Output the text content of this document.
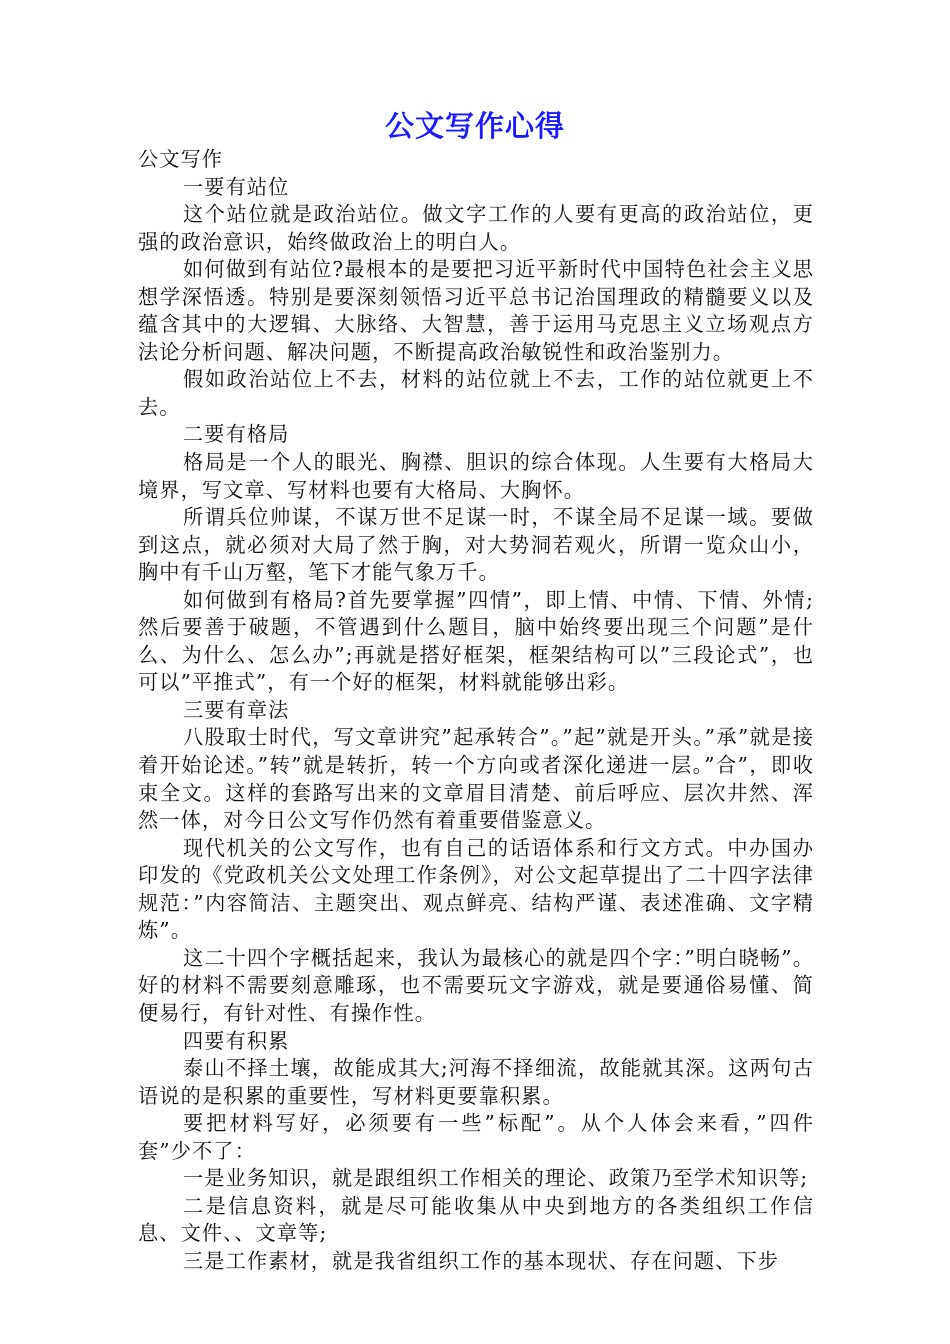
公文写作心得

公文写作

一要有站位

这个站位就是政治站位。做文字工作的人要有更高的政治站位，更强的政治意识，始终做政治上的明白人。

如何做到有站位?最根本的是要把习近平新时代中国特色社会主义思想学深悟透。特别是要深刻领悟习近平总书记治国理政的精髓要义以及蕴含其中的大逻辑、大脉络、大智慧，善于运用马克思主义立场观点方法论分析问题、解决问题，不断提高政治敏锐性和政治鉴别力。

假如政治站位上不去，材料的站位就上不去，工作的站位就更上不去。

二要有格局

格局是一个人的眼光、胸襟、胆识的综合体现。人生要有大格局大境界，写文章、写材料也要有大格局、大胸怀。

所谓兵位帅谋，不谋万世不足谋一时，不谋全局不足谋一域。要做到这点，就必须对大局了然于胸，对大势洞若观火，所谓一览众山小，胸中有千山万壑，笔下才能气象万千。

如何做到有格局?首先要掌握”四情”，即上情、中情、下情、外情;然后要善于破题，不管遇到什么题目，脑中始终要出现三个问题”是什么、为什么、怎么办”;再就是搭好框架，框架结构可以”三段论式”，也可以”平推式”，有一个好的框架，材料就能够出彩。

三要有章法

八股取士时代，写文章讲究”起承转合”。”起”就是开头。”承”就是接着开始论述。”转”就是转折，转一个方向或者深化递进一层。”合”，即收束全文。这样的套路写出来的文章眉目清楚、前后呼应、层次井然、浑然一体，对今日公文写作仍然有着重要借鉴意义。

现代机关的公文写作，也有自己的话语体系和行文方式。中办国办印发的《党政机关公文处理工作条例》，对公文起草提出了二十四字法律规范：”内容简洁、主题突出、观点鲜亮、结构严谨、表述准确、文字精炼”。

这二十四个字概括起来，我认为最核心的就是四个字：”明白晓畅”。好的材料不需要刻意雕琢，也不需要玩文字游戏，就是要通俗易懂、简便易行，有针对性、有操作性。

四要有积累

泰山不择土壤，故能成其大;河海不择细流，故能就其深。这两句古语说的是积累的重要性，写材料更要靠积累。

要把材料写好，必须要有一些”标配”。从个人体会来看，”四件套”少不了：

一是业务知识，就是跟组织工作相关的理论、政策乃至学术知识等;

二是信息资料，就是尽可能收集从中央到地方的各类组织工作信息、文件、、文章等;

三是工作素材，就是我省组织工作的基本现状、存在问题、下步
